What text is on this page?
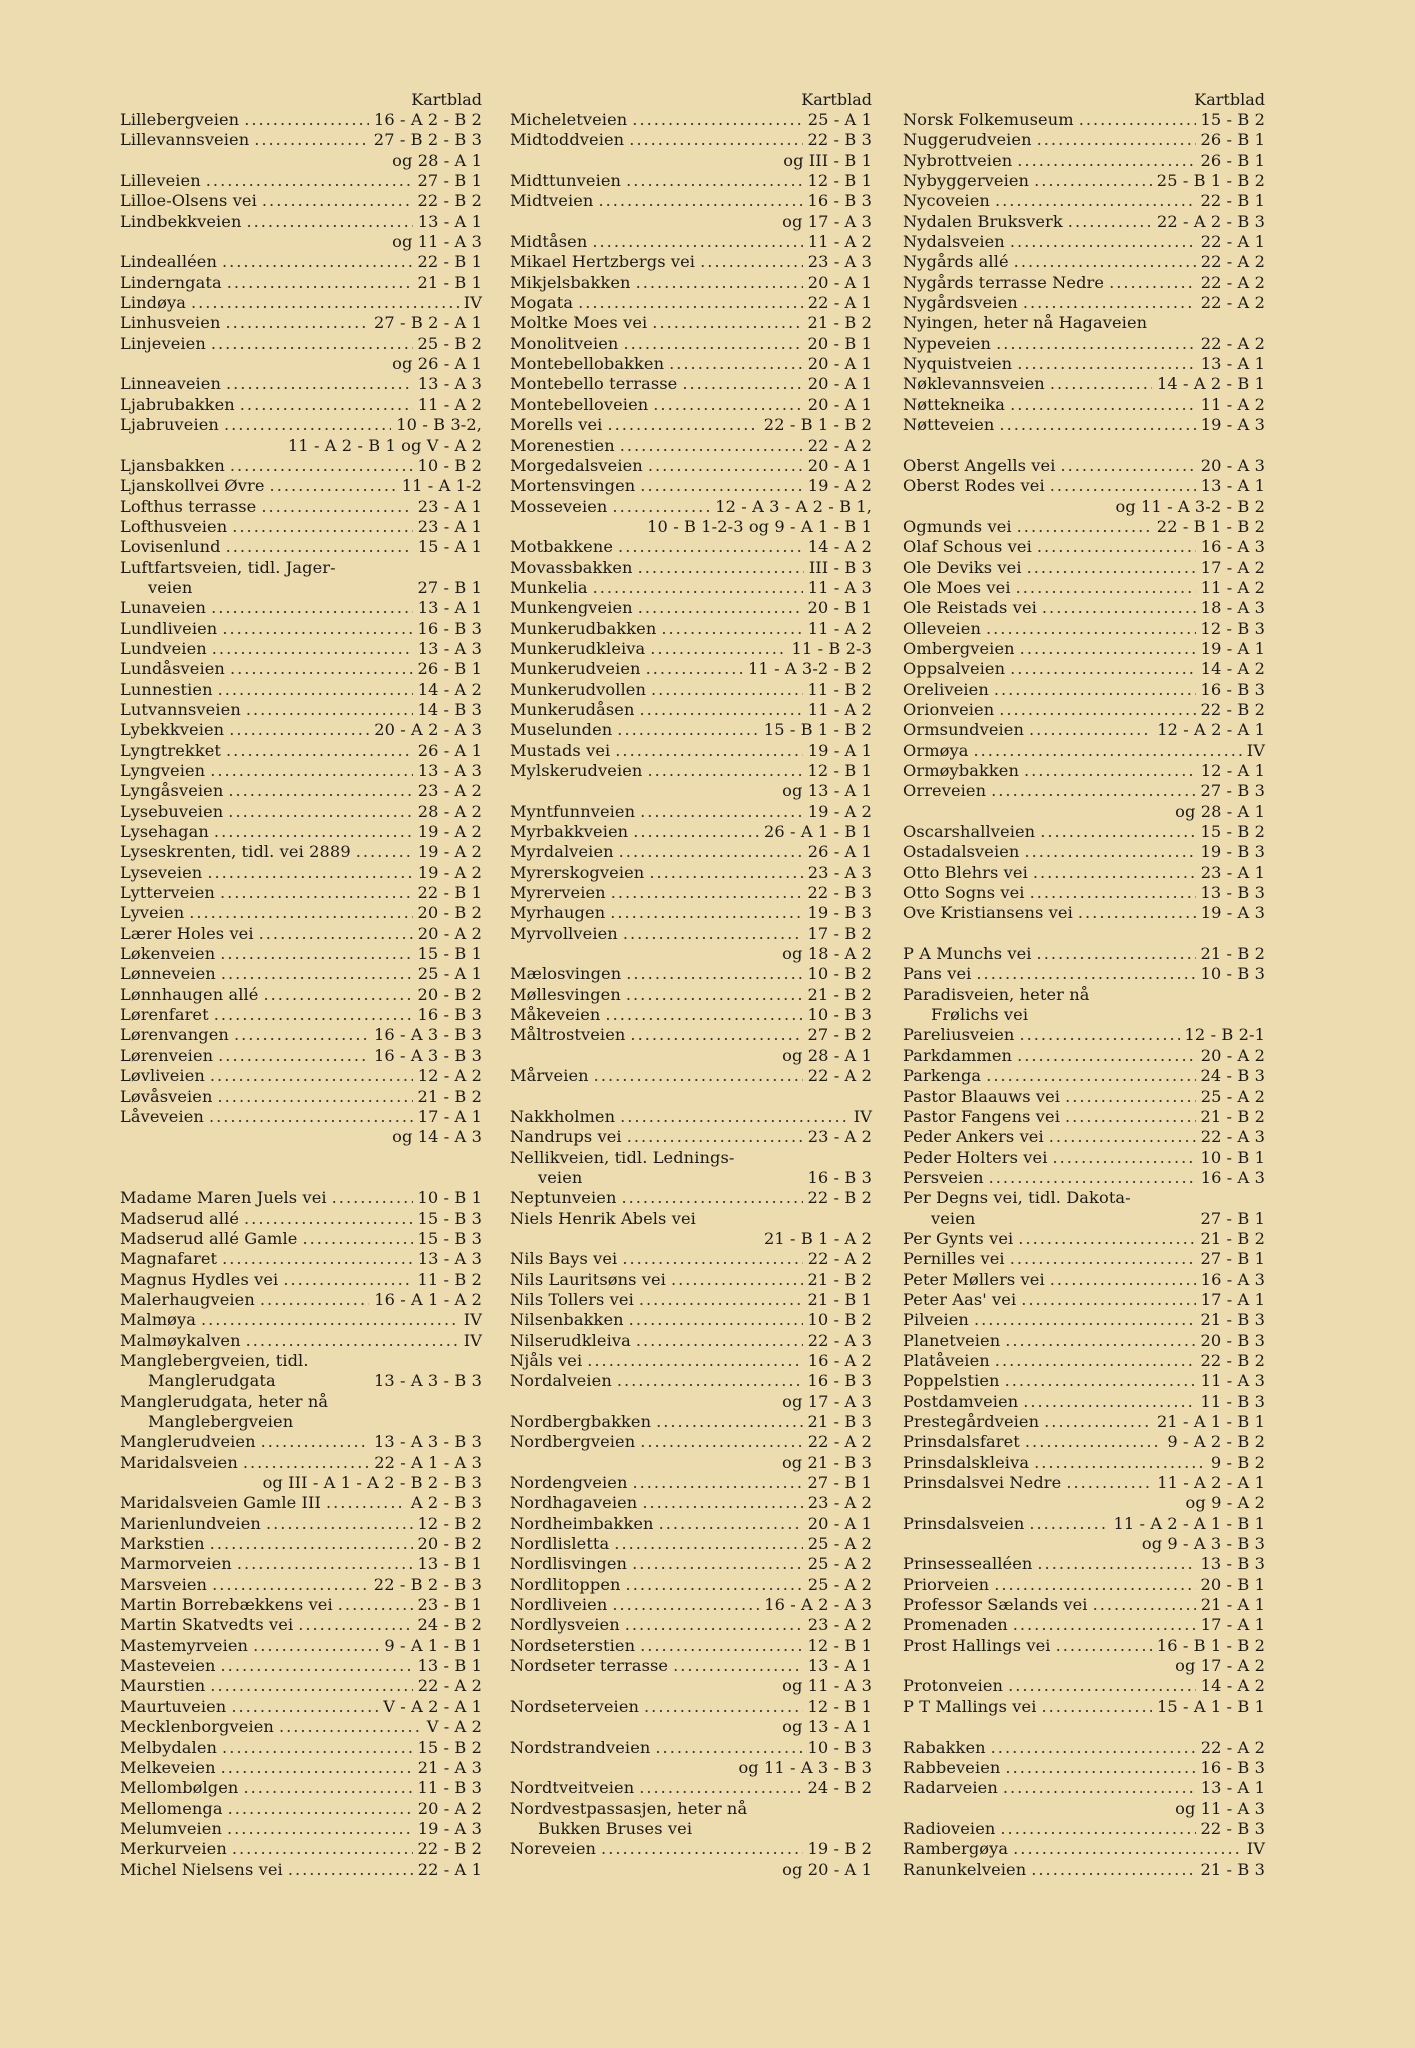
Kartblad
Lillebergveien .....	16 - A 2 - B 2
Lillevannsveien .....	27 - B 2 - B 3
og 28 - A 1
Lilleveien .....	27 - B 1
Lilloe-Olsens vei .....	22 - B 2
Lindbekkveien .....	13 - A 1
og 11 - A 3
Lindealléen .....	22 - B 1
Linderngata .....	21 - B 1
Lindøya .....	IV
Linhusveien .....	27 - B 2 - A 1
Linjeveien .....	25 - B 2
og 26 - A 1
Linneaveien .....	13 - A 3
Ljabrubakken .....	11 - A 2
Ljabruveien .....	10 - B 3-2,
11 - A 2 - B 1 og V - A 2
Ljansbakken .....	10 - B 2
Ljanskollvei Øvre .....	11 - A 1-2
Lofthus terrasse .....	23 - A 1
Lofthusveien .....	23 - A 1
Lovisenlund .....	15 - A 1
Luftfartsveien, tidl. Jager-
veien	27 - B 1
Lunaveien .....	13 - A 1
Lundliveien .....	16 - B 3
Lundveien .....	13 - A 3
Lundåsveien .....	26 - B 1
Lunnestien .....	14 - A 2
Lutvannsveien .....	14 - B 3
Lybekkveien .....	20 - A 2 - A 3
Lyngtrekket .....	26 - A 1
Lyngveien .....	13 - A 3
Lyngåsveien .....	23 - A 2
Lysebuveien .....	28 - A 2
Lysehagan .....	19 - A 2
Lyseskrenten, tidl. vei 2889 .....	19 - A 2
Lyseveien .....	19 - A 2
Lytterveien .....	22 - B 1
Lyveien .....	20 - B 2
Lærer Holes vei .....	20 - A 2
Løkenveien .....	15 - B 1
Lønneveien .....	25 - A 1
Lønnhaugen allé .....	20 - B 2
Lørenfaret .....	16 - B 3
Lørenvangen .....	16 - A 3 - B 3
Lørenveien .....	16 - A 3 - B 3
Løvliveien .....	12 - A 2
Løvåsveien .....	21 - B 2
Låveveien .....	17 - A 1
og 14 - A 3
Madame Maren Juels vei .....	10 - B 1
Madserud allé .....	15 - B 3
Madserud allé Gamle .....	15 - B 3
Magnafaret .....	13 - A 3
Magnus Hydles vei .....	11 - B 2
Malerhaugveien .....	16 - A 1 - A 2
Malmøya .....	IV
Malmøykalven .....	IV
Manglebergveien, tidl.
Manglerudgata	13 - A 3 - B 3
Manglerudgata, heter nå
Manglebergveien
Manglerudveien .....	13 - A 3 - B 3
Maridalsveien .....	22 - A 1 - A 3
og III - A 1 - A 2 - B 2 - B 3
Maridalsveien Gamle III .....	A 2 - B 3
Marienlundveien .....	12 - B 2
Markstien .....	20 - B 2
Marmorveien .....	13 - B 1
Marsveien .....	22 - B 2 - B 3
Martin Borrebækkens vei .....	23 - B 1
Martin Skatvedts vei .....	24 - B 2
Mastemyrveien .....	9 - A 1 - B 1
Masteveien .....	13 - B 1
Maurstien .....	22 - A 2
Maurtuveien .....	V - A 2 - A 1
Mecklenborgveien .....	V - A 2
Melbydalen .....	15 - B 2
Melkeveien .....	21 - A 3
Mellombølgen .....	11 - B 3
Mellomenga .....	20 - A 2
Melumveien .....	19 - A 3
Merkurveien .....	22 - B 2
Michel Nielsens vei .....	22 - A 1
Kartblad
Micheletveien .....	25 - A 1
Midtoddveien .....	22 - B 3
og III - B 1
Midttunveien .....	12 - B 1
Midtveien .....	16 - B 3
og 17 - A 3
Midtåsen .....	11 - A 2
Mikael Hertzbergs vei .....	23 - A 3
Mikjelsbakken .....	20 - A 1
Mogata .....	22 - A 1
Moltke Moes vei .....	21 - B 2
Monolitveien .....	20 - B 1
Montebellobakken .....	20 - A 1
Montebello terrasse .....	20 - A 1
Montebelloveien .....	20 - A 1
Morells vei .....	22 - B 1 - B 2
Morenestien .....	22 - A 2
Morgedalsveien .....	20 - A 1
Mortensvingen .....	19 - A 2
Mosseveien .....	12 - A 3 - A 2 - B 1,
10 - B 1-2-3 og 9 - A 1 - B 1
Motbakkene .....	14 - A 2
Movassbakken .....	III - B 3
Munkelia .....	11 - A 3
Munkengveien .....	20 - B 1
Munkerudbakken .....	11 - A 2
Munkerudkleiva .....	11 - B 2-3
Munkerudveien .....	11 - A 3-2 - B 2
Munkerudvollen .....	11 - B 2
Munkerudåsen .....	11 - A 2
Muselunden .....	15 - B 1 - B 2
Mustads vei .....	19 - A 1
Mylskerudveien .....	12 - B 1
og 13 - A 1
Myntfunnveien .....	19 - A 2
Myrbakkveien .....	26 - A 1 - B 1
Myrdalveien .....	26 - A 1
Myrerskogveien .....	23 - A 3
Myrerveien .....	22 - B 3
Myrhaugen .....	19 - B 3
Myrvollveien .....	17 - B 2
og 18 - A 2
Mælosvingen .....	10 - B 2
Møllesvingen .....	21 - B 2
Måkeveien .....	10 - B 3
Måltrostveien .....	27 - B 2
og 28 - A 1
Mårveien .....	22 - A 2
Nakkholmen .....	IV
Nandrups vei .....	23 - A 2
Nellikveien, tidl. Lednings-
veien	16 - B 3
Neptunveien .....	22 - B 2
Niels Henrik Abels vei
21 - B 1 - A 2
Nils Bays vei .....	22 - A 2
Nils Lauritsøns vei .....	21 - B 2
Nils Tollers vei .....	21 - B 1
Nilsenbakken .....	10 - B 2
Nilserudkleiva .....	22 - A 3
Njåls vei .....	16 - A 2
Nordalveien .....	16 - B 3
og 17 - A 3
Nordbergbakken .....	21 - B 3
Nordbergveien .....	22 - A 2
og 21 - B 3
Nordengveien .....	27 - B 1
Nordhagaveien .....	23 - A 2
Nordheimbakken .....	20 - A 1
Nordlisletta .....	25 - A 2
Nordlisvingen .....	25 - A 2
Nordlitoppen .....	25 - A 2
Nordliveien .....	16 - A 2 - A 3
Nordlysveien .....	23 - A 2
Nordseterstien .....	12 - B 1
Nordseter terrasse .....	13 - A 1
og 11 - A 3
Nordseterveien .....	12 - B 1
og 13 - A 1
Nordstrandveien .....	10 - B 3
og 11 - A 3 - B 3
Nordtveitveien .....	24 - B 2
Nordvestpassasjen, heter nå
Bukken Bruses vei
Noreveien .....	19 - B 2
og 20 - A 1
Kartblad
Norsk Folkemuseum .....	15 - B 2
Nuggerudveien .....	26 - B 1
Nybrottveien .....	26 - B 1
Nybyggerveien .....	25 - B 1 - B 2
Nycoveien .....	22 - B 1
Nydalen Bruksverk .....	22 - A 2 - B 3
Nydalsveien .....	22 - A 1
Nygårds allé .....	22 - A 2
Nygårds terrasse Nedre .....	22 - A 2
Nygårdsveien .....	22 - A 2
Nyingen, heter nå Hagaveien
Nypeveien .....	22 - A 2
Nyquistveien .....	13 - A 1
Nøklevannsveien .....	14 - A 2 - B 1
Nøttekneika .....	11 - A 2
Nøtteveien .....	19 - A 3
Oberst Angells vei .....	20 - A 3
Oberst Rodes vei .....	13 - A 1
og 11 - A 3-2 - B 2
Ogmunds vei .....	22 - B 1 - B 2
Olaf Schous vei .....	16 - A 3
Ole Deviks vei .....	17 - A 2
Ole Moes vei .....	11 - A 2
Ole Reistads vei .....	18 - A 3
Olleveien .....	12 - B 3
Ombergveien .....	19 - A 1
Oppsalveien .....	14 - A 2
Oreliveien .....	16 - B 3
Orionveien .....	22 - B 2
Ormsundveien .....	12 - A 2 - A 1
Ormøya .....	IV
Ormøybakken .....	12 - A 1
Orreveien .....	27 - B 3
og 28 - A 1
Oscarshallveien .....	15 - B 2
Ostadalsveien .....	19 - B 3
Otto Blehrs vei .....	23 - A 1
Otto Sogns vei .....	13 - B 3
Ove Kristiansens vei .....	19 - A 3
P A Munchs vei .....	21 - B 2
Pans vei .....	10 - B 3
Paradisveien, heter nå
Frølichs vei
Pareliusveien .....	12 - B 2-1
Parkdammen .....	20 - A 2
Parkenga .....	24 - B 3
Pastor Blaauws vei .....	25 - A 2
Pastor Fangens vei .....	21 - B 2
Peder Ankers vei .....	22 - A 3
Peder Holters vei .....	10 - B 1
Persveien .....	16 - A 3
Per Degns vei, tidl. Dakota-
veien	27 - B 1
Per Gynts vei .....	21 - B 2
Pernilles vei .....	27 - B 1
Peter Møllers vei .....	16 - A 3
Peter Aas' vei .....	17 - A 1
Pilveien .....	21 - B 3
Planetveien .....	20 - B 3
Platåveien .....	22 - B 2
Poppelstien .....	11 - A 3
Postdamveien .....	11 - B 3
Prestegårdveien .....	21 - A 1 - B 1
Prinsdalsfaret .....	9 - A 2 - B 2
Prinsdalskleiva .....	9 - B 2
Prinsdalsvei Nedre .....	11 - A 2 - A 1
og 9 - A 2
Prinsdalsveien .....	11 - A 2 - A 1 - B 1
og 9 - A 3 - B 3
Prinsessealléen .....	13 - B 3
Priorveien .....	20 - B 1
Professor Sælands vei .....	21 - A 1
Promenaden .....	17 - A 1
Prost Hallings vei .....	16 - B 1 - B 2
og 17 - A 2
Protonveien .....	14 - A 2
P T Mallings vei .....	15 - A 1 - B 1
Rabakken .....	22 - A 2
Rabbeveien .....	16 - B 3
Radarveien .....	13 - A 1
og 11 - A 3
Radioveien .....	22 - B 3
Rambergøya .....	IV
Ranunkelveien .....	21 - B 3
